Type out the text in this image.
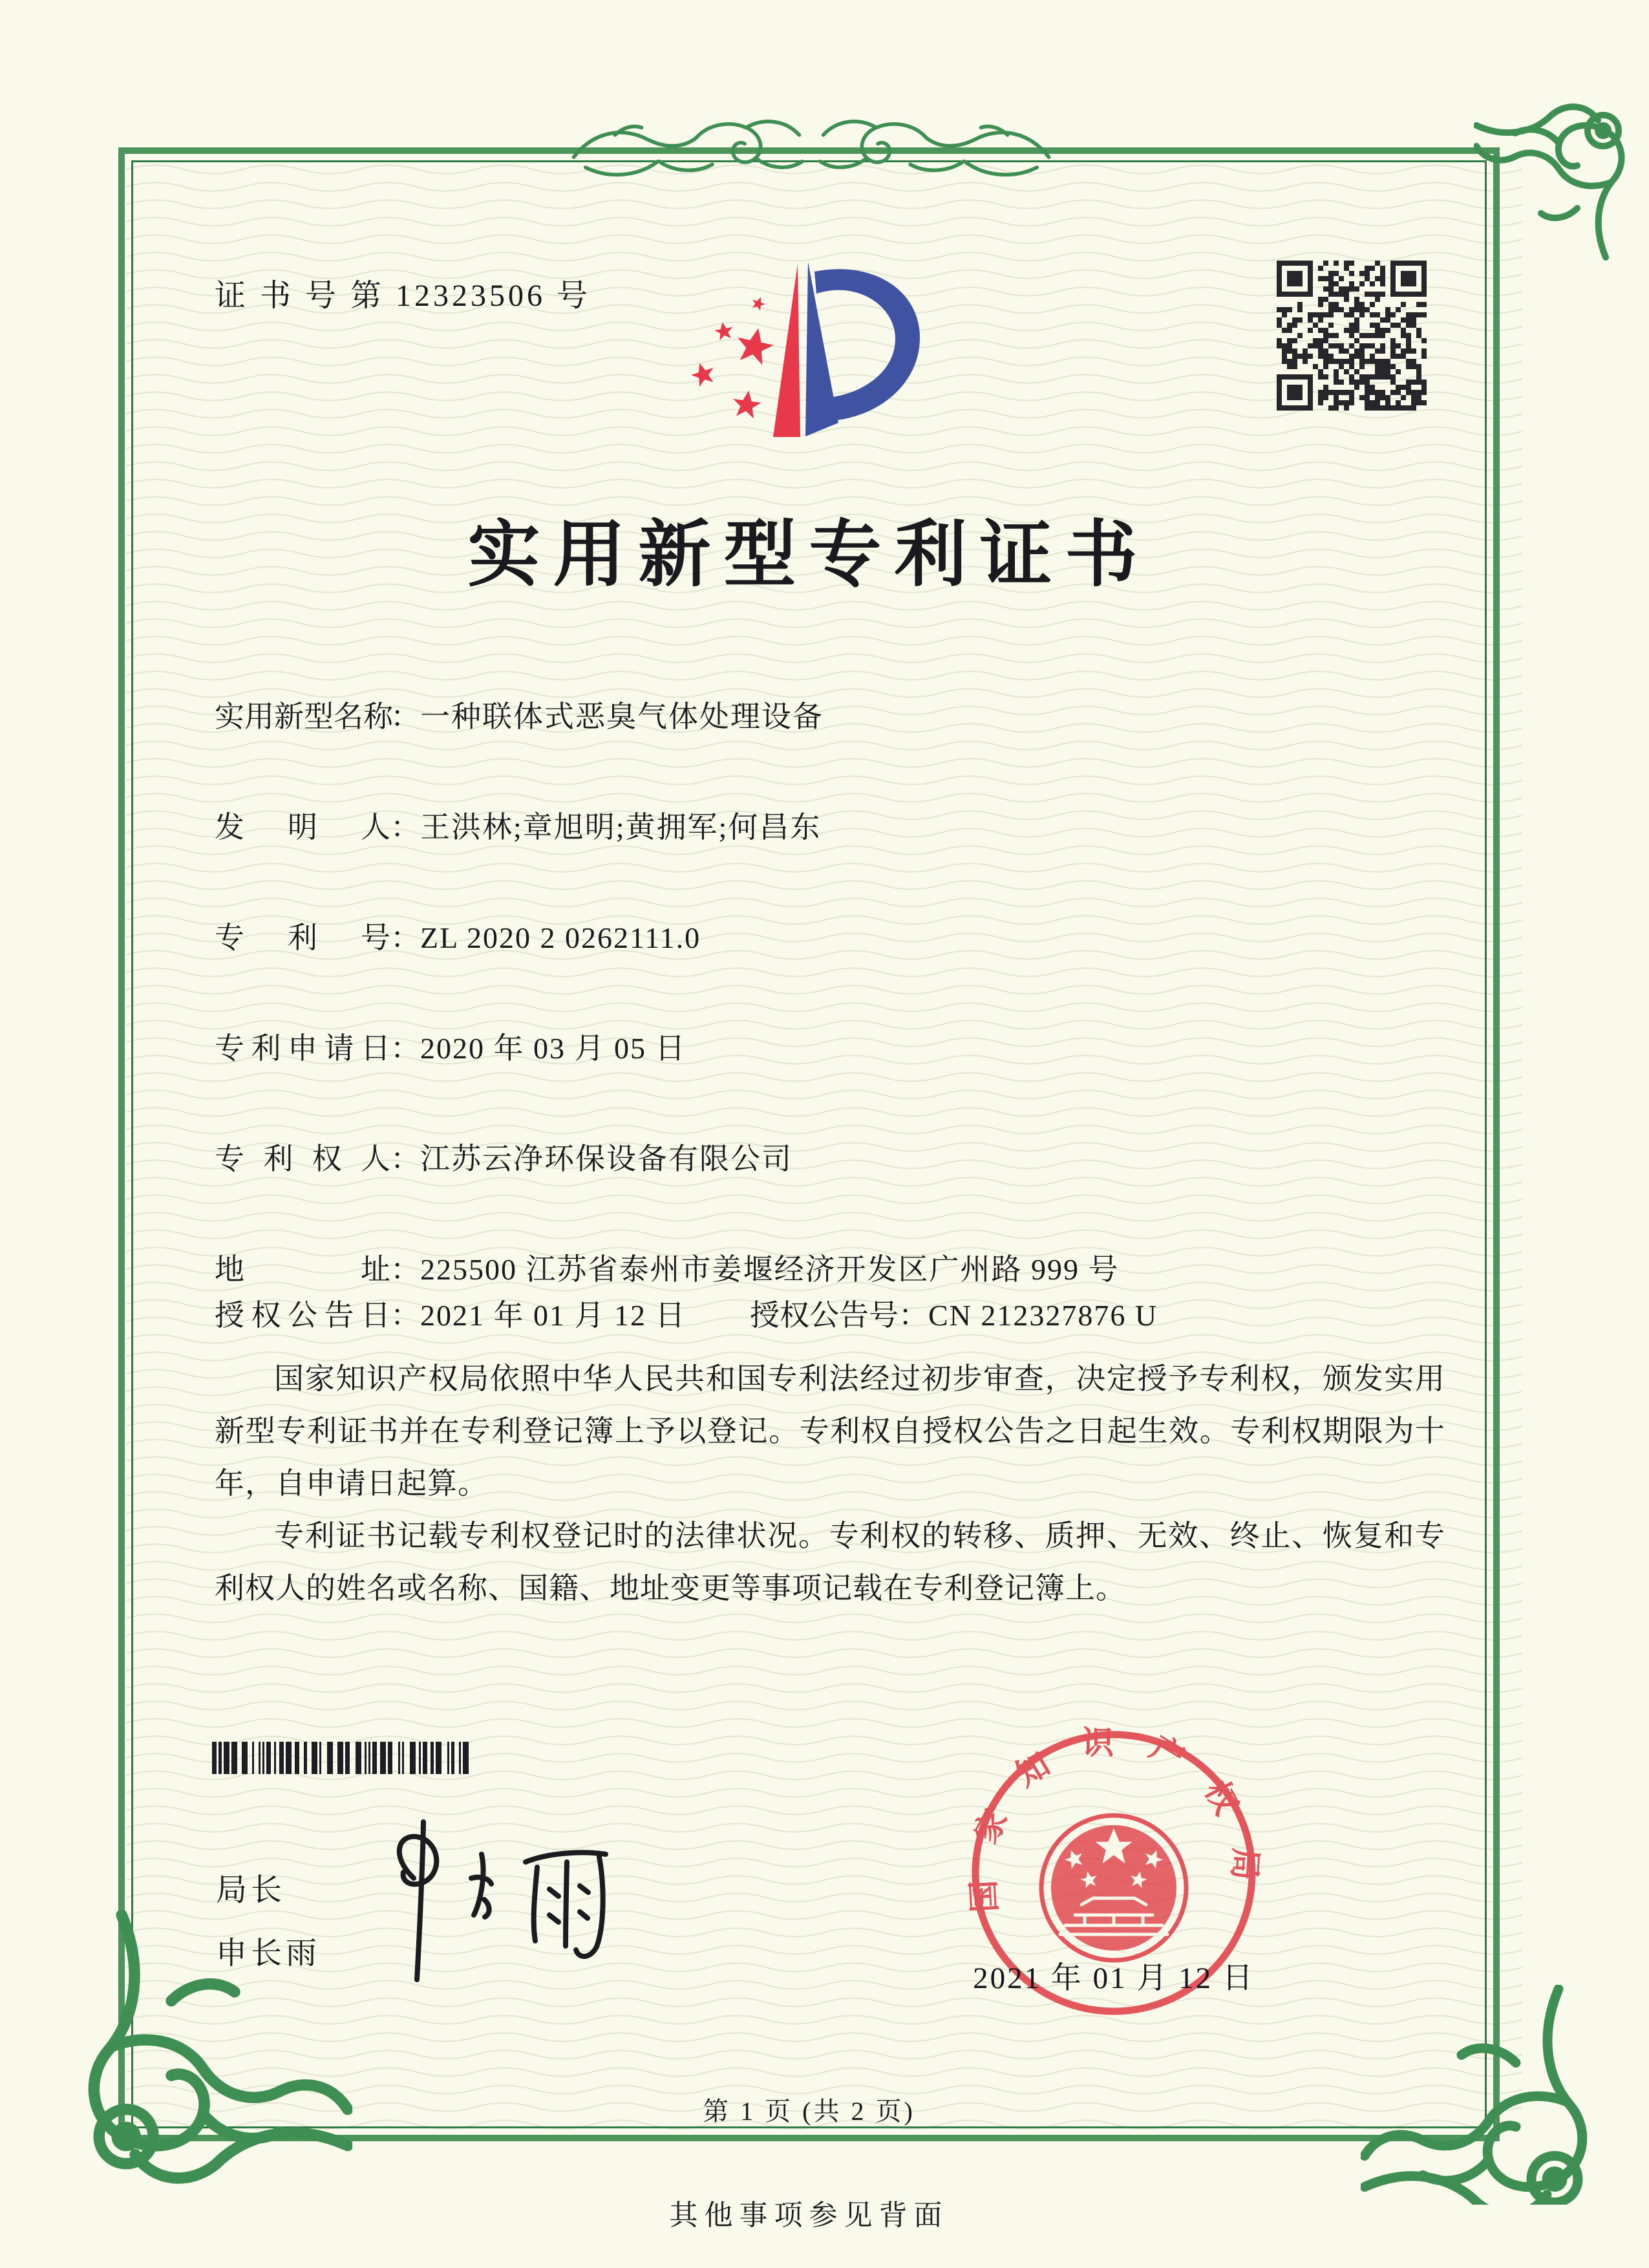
证 书 号 第 12323506 号
实用新型专利证书
实用新型名称
： 一种联体式恶臭气体处理设备
发明人 ： 王洪林;章旭明;黄拥军;何昌东
专利号 ： ZL 2020 2 0262111.0
专利申请日 ： 2020 年 03 月 05 日
专利权人 ： 江苏云净环保设备有限公司
地址 ： 225500 江苏省泰州市姜堰经济开发区广州路 999 号
授权公告日：2021 年 01 月 12 日 授权公告号：CN 212327876 U

国家知识产权局依照中华人民共和国专利法经过初步审查，决定授予专利权，颁发实用新型专利证书并在专利登记簿上予以登记。专利权自授权公告之日起生效。专利权期限为十年，自申请日起算。

专利证书记载专利权登记时的法律状况。专利权的转移、质押、无效、终止、恢复和专利权人的姓名或名称、国籍、地址变更等事项记载在专利登记簿上。

局长
申长雨
国家知识产权局
2021 年 01 月 12 日
第 1 页 (共 2 页)
其他事项参见背面
